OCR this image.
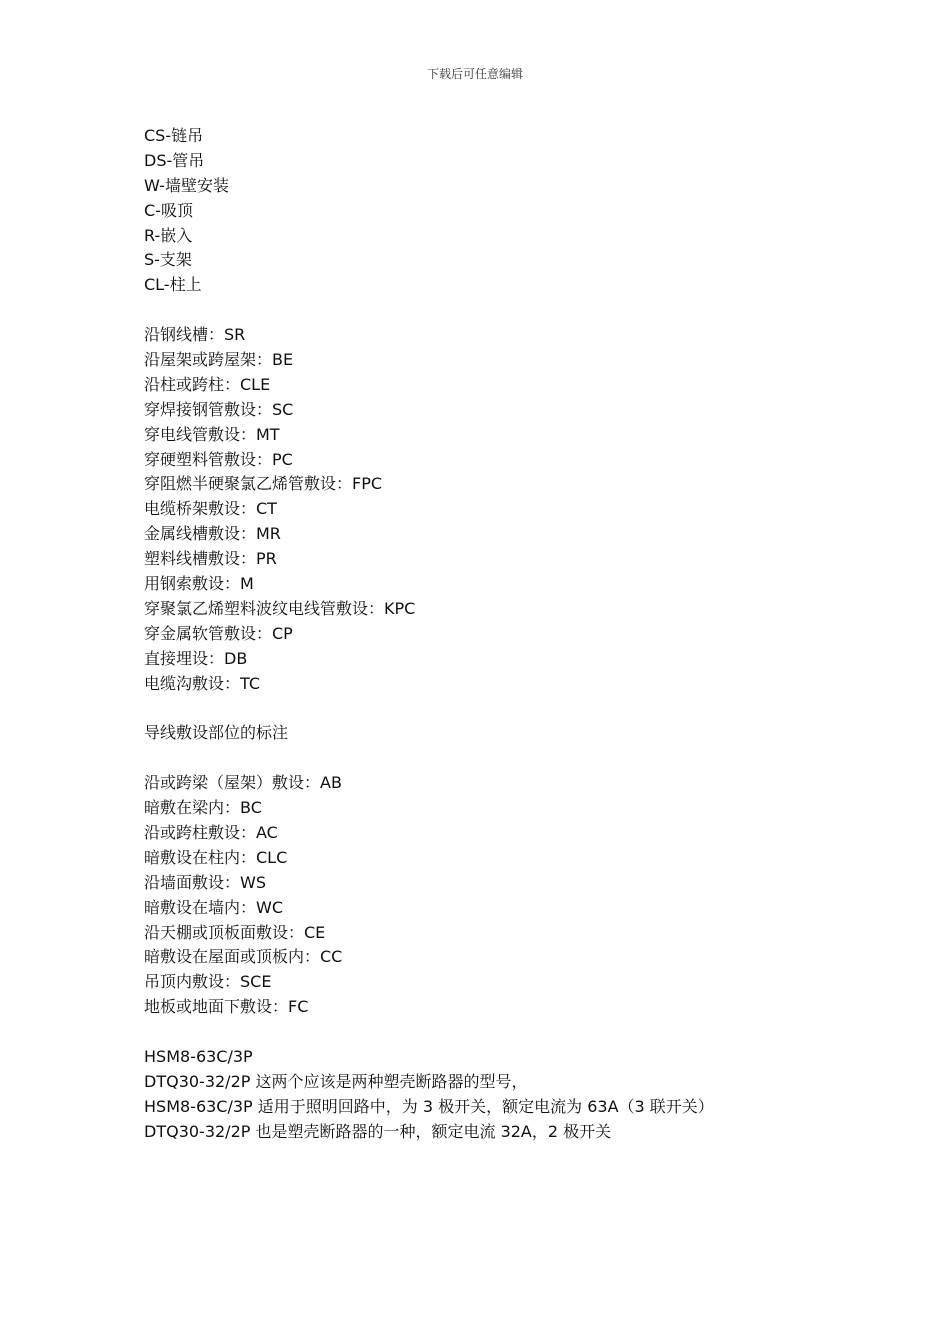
下载后可任意编辑
CS-链吊
DS-管吊
W-墙壁安装
C-吸顶
R-嵌入
S-支架
CL-柱上
沿钢线槽：SR
沿屋架或跨屋架：BE
沿柱或跨柱：CLE
穿焊接钢管敷设：SC
穿电线管敷设：MT
穿硬塑料管敷设：PC
穿阻燃半硬聚氯乙烯管敷设：FPC
电缆桥架敷设：CT
金属线槽敷设：MR
塑料线槽敷设：PR
用钢索敷设：M
穿聚氯乙烯塑料波纹电线管敷设：KPC
穿金属软管敷设：CP
直接埋设：DB
电缆沟敷设：TC
导线敷设部位的标注
沿或跨梁（屋架）敷设：AB
暗敷在梁内：BC
沿或跨柱敷设：AC
暗敷设在柱内：CLC
沿墙面敷设：WS
暗敷设在墙内：WC
沿天棚或顶板面敷设：CE
暗敷设在屋面或顶板内：CC
吊顶内敷设：SCE
地板或地面下敷设：FC
HSM8-63C/3P
DTQ30-32/2P 这两个应该是两种塑壳断路器的型号，
HSM8-63C/3P 适用于照明回路中，为 3 极开关，额定电流为 63A（3 联开关）
DTQ30-32/2P 也是塑壳断路器的一种，额定电流 32A，2 极开关
